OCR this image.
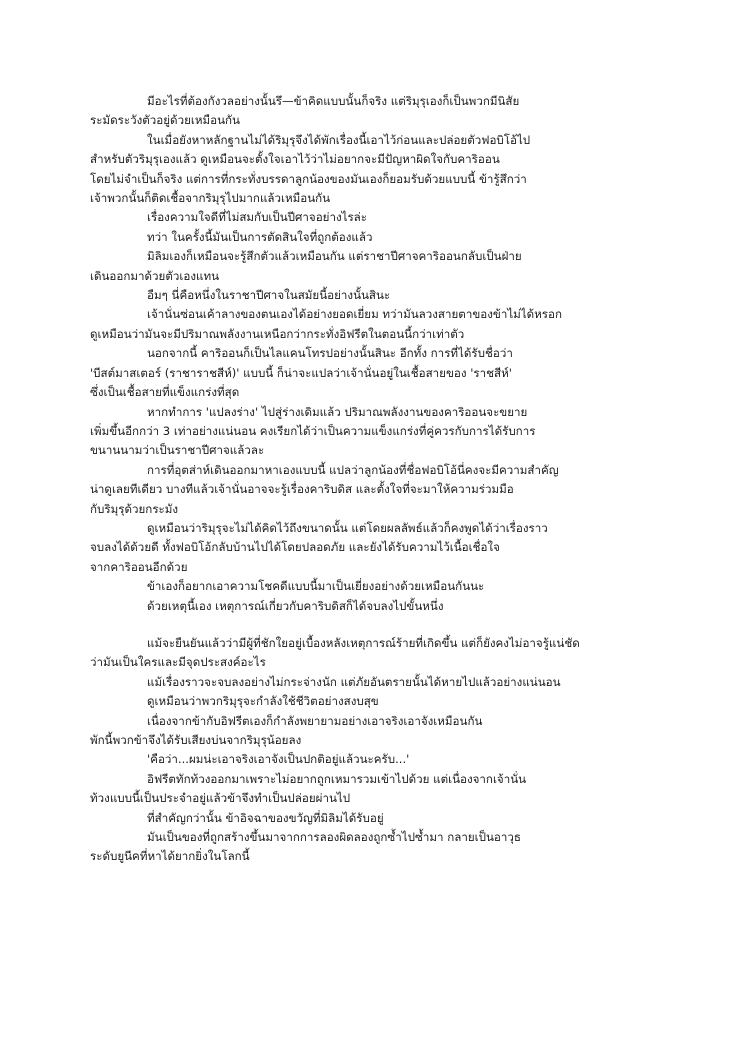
มีอะไรที่ต้องกังวลอย่างนั้นรึ—ข้าคิดแบบนั้นก็จริง แต่ริมุรุเองก็เป็นพวกมีนิสัย
ระมัดระวังตัวอยู่ด้วยเหมือนกัน

ในเมื่อยังหาหลักฐานไม่ได้ริมุรุจึงได้พักเรื่องนี้เอาไว้ก่อนและปล่อยตัวฟอบิโอ้ไป
สำหรับตัวริมุรุเองแล้ว ดูเหมือนจะตั้งใจเอาไว้ว่าไม่อยากจะมีปัญหาผิดใจกับคาริออน
โดยไม่จำเป็นก็จริง แต่การที่กระทั่งบรรดาลูกน้องของมันเองก็ยอมรับด้วยแบบนี้ ข้ารู้สึกว่า
เจ้าพวกนั้นก็ติดเชื้อจากริมุรุไปมากแล้วเหมือนกัน

เรื่องความใจดีที่ไม่สมกับเป็นปีศาจอย่างไรล่ะ

ทว่า ในครั้งนี้มันเป็นการตัดสินใจที่ถูกต้องแล้ว

มิลิมเองก็เหมือนจะรู้สึกตัวแล้วเหมือนกัน แต่ราชาปีศาจคาริออนกลับเป็นฝ่าย
เดินออกมาด้วยตัวเองแทน

อืมๆ นี่คือหนึ่งในราชาปีศาจในสมัยนี้อย่างนั้นสินะ

เจ้านั่นซ่อนเค้าลางของตนเองได้อย่างยอดเยี่ยม ทว่ามันลวงสายตาของข้าไม่ได้หรอก
ดูเหมือนว่ามันจะมีปริมาณพลังงานเหนือกว่ากระทั่งอิฟรีตในตอนนี้กว่าเท่าตัว

นอกจากนี้ คาริออนก็เป็นไลแคนโทรปอย่างนั้นสินะ อีกทั้ง การที่ได้รับชื่อว่า
'บีสต์มาสเตอร์ (ราชาราชสีห์)' แบบนี้ ก็น่าจะแปลว่าเจ้านั่นอยู่ในเชื้อสายของ 'ราชสีห์'
ซึ่งเป็นเชื้อสายที่แข็งแกร่งที่สุด

หากทำการ 'แปลงร่าง' ไปสู่ร่างเดิมแล้ว ปริมาณพลังงานของคาริออนจะขยาย
เพิ่มขึ้นอีกกว่า 3 เท่าอย่างแน่นอน คงเรียกได้ว่าเป็นความแข็งแกร่งที่คู่ควรกับการได้รับการ
ขนานนามว่าเป็นราชาปีศาจแล้วละ

การที่อุตส่าห์เดินออกมาหาเองแบบนี้ แปลว่าลูกน้องที่ชื่อฟอบิโอ้นี่คงจะมีความสำคัญ
น่าดูเลยทีเดียว บางทีแล้วเจ้านั่นอาจจะรู้เรื่องคาริบดิส และตั้งใจที่จะมาให้ความร่วมมือ
กับริมุรุด้วยกระมัง

ดูเหมือนว่าริมุรุจะไม่ได้คิดไว้ถึงขนาดนั้น แต่โดยผลลัพธ์แล้วก็คงพูดได้ว่าเรื่องราว
จบลงได้ด้วยดี ทั้งฟอบิโอ้กลับบ้านไปได้โดยปลอดภัย และยังได้รับความไว้เนื้อเชื่อใจ
จากคาริออนอีกด้วย

ข้าเองก็อยากเอาความโชคดีแบบนี้มาเป็นเยี่ยงอย่างด้วยเหมือนกันนะ

ด้วยเหตุนี้เอง เหตุการณ์เกี่ยวกับคาริบดิสก็ได้จบลงไปขั้นหนึ่ง

แม้จะยืนยันแล้วว่ามีผู้ที่ชักใยอยู่เบื้องหลังเหตุการณ์ร้ายที่เกิดขึ้น แต่ก็ยังคงไม่อาจรู้แน่ชัด
ว่ามันเป็นใครและมีจุดประสงค์อะไร

แม้เรื่องราวจะจบลงอย่างไม่กระจ่างนัก แต่ภัยอันตรายนั้นได้หายไปแล้วอย่างแน่นอน

ดูเหมือนว่าพวกริมุรุจะกำลังใช้ชีวิตอย่างสงบสุข

เนื่องจากข้ากับอิฟรีตเองก็กำลังพยายามอย่างเอาจริงเอาจังเหมือนกัน
พักนี้พวกข้าจึงได้รับเสียงบ่นจากริมุรุน้อยลง

'คือว่า...ผมน่ะเอาจริงเอาจังเป็นปกติอยู่แล้วนะครับ...'

อิฟรีตทักท้วงออกมาเพราะไม่อยากถูกเหมารวมเข้าไปด้วย แต่เนื่องจากเจ้านั่น
ท้วงแบบนี้เป็นประจำอยู่แล้วข้าจึงทำเป็นปล่อยผ่านไป

ที่สำคัญกว่านั้น ข้าอิจฉาของขวัญที่มิลิมได้รับอยู่

มันเป็นของที่ถูกสร้างขึ้นมาจากการลองผิดลองถูกซ้ำไปซ้ำมา กลายเป็นอาวุธ
ระดับยูนีคที่หาได้ยากยิ่งในโลกนี้
